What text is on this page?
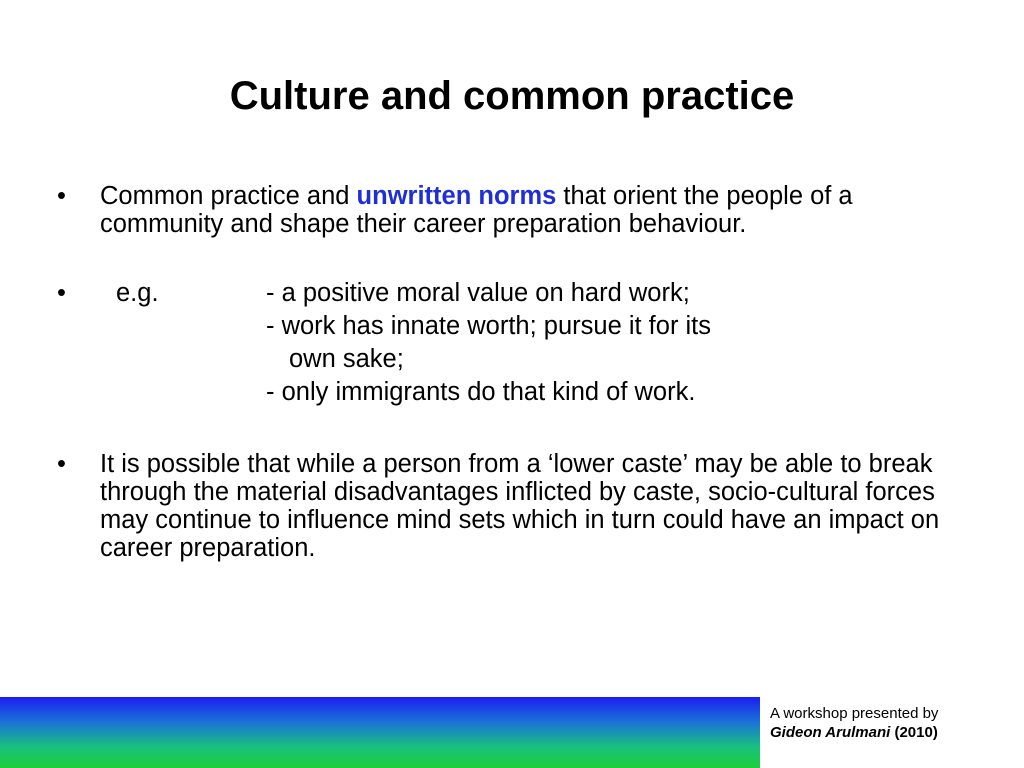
Culture and common practice
• Common practice and unwritten norms that orient the people of a community and shape their career preparation behaviour.
• e.g.	- a positive moral value on hard work;
- work has innate worth; pursue it for its
own sake;
- only immigrants do that kind of work.
• It is possible that while a person from a ‘lower caste’ may be able to break through the material disadvantages inflicted by caste, socio-cultural forces may continue to influence mind sets which in turn could have an impact on career preparation.
A workshop presented by
Gideon Arulmani (2010)
